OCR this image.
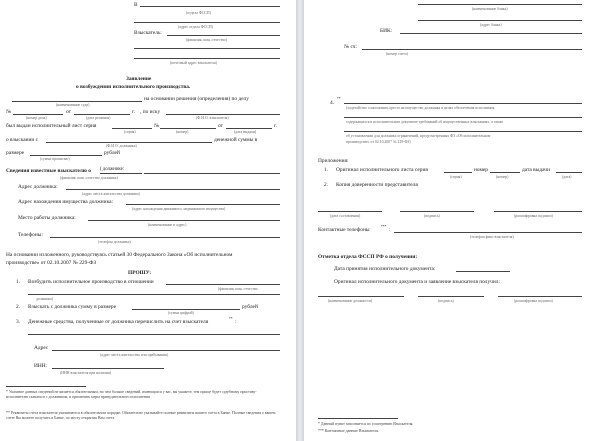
В
(отдела ФССП)
(адрес отдела ФССП)
Взыскатель:
(фамилия, имя, отчество)
(почтовый адрес взыскателя)
Заявление
о возбуждении исполнительного производства.
на основании решения (определения) по делу
(наименование суда)
№	от	г. , по иску
(номер дела)	(дата решения)	(Ф.И.О. взыскателя)
был выдан исполнительный лист серия	№	от	г.
(серия)	(номер)	(дата выдачи)
о взыскании с	денежной суммы в
(Ф.И.О. должника)
размере	рублей
(сумма прописью)
Сведения известные взыскателю о ( должнике:
(фамилия, имя, отчество должника)
Адрес должника:
(адрес места жительства должника)
Адрес нахождения имущества должника:
(адрес нахождения движимого, недвижимого имущества)
Место работы должника:
(наименование и адрес)
Телефоны:
(телефон должника)
На основании изложенного, руководствуясь статьей 30 Федерального Закона «Об исполнительном
производстве» от 02.10.2007 № 229-ФЗ
ПРОШУ:
1. Возбудить исполнительное производство в отношении
(фамилия, имя, отчество
должника)
2. Взыскать с должника сумму в размере	рублей
(сумма цифрой)
3. Денежные средства, полученные от должника перечислить на счет взыскателя	** :
Адрес
(адрес места жительства или пребывания)
ИНН:
(ИНН взыскателя при наличии)
* Указание данных сведений не является обязательным, но чем больше сведений, имеющихся у вас, вы укажете, тем проще будет судебному приставу-исполнителю скачаться с должником, и применить меры принудительного исполнения
** Реквизиты счета взыскателя указываются в обязательном порядке. Обязательно указывайте полные реквизиты вашего счета в Банке. Полные сведения о вашем счете Вы можете получить в Банке, по месту открытия Вам счета
(наименование банка)
(адрес банка)
БИК:
№ сч:
(номер счета)
4.
**
(ходатайство о наложении ареста на имущество должника в целях обеспечения исполнения
содержащихся в исполнительном документе требований об имущественных взысканиях, а также
об установлении для должника ограничений, предусмотренных ФЗ «Об исполнительном
производстве» от 02.10.2007 № 229-ФЗ)
Приложения:
1. Оригинал исполнительного листа серия	номер	дата выдачи
(серия)	(номер)	(дата)
2. Копия доверенности представителя
(дата составления)	(подпись)	(расшифровка подписи)
Контактные телефоны	*** :
(телефон фикс взыскателя)
Отметка отдела ФССП РФ о получении:
Дата принятия исполнительного документа:
Оригинал исполнительного документа и заявление взыскателя получил:
(наименование должности)	(подпись)	(расшифровка подписи)
* Данный пункт заполняется по усмотрению Взыскателя.
*** Контактные данные Взыскателя.
